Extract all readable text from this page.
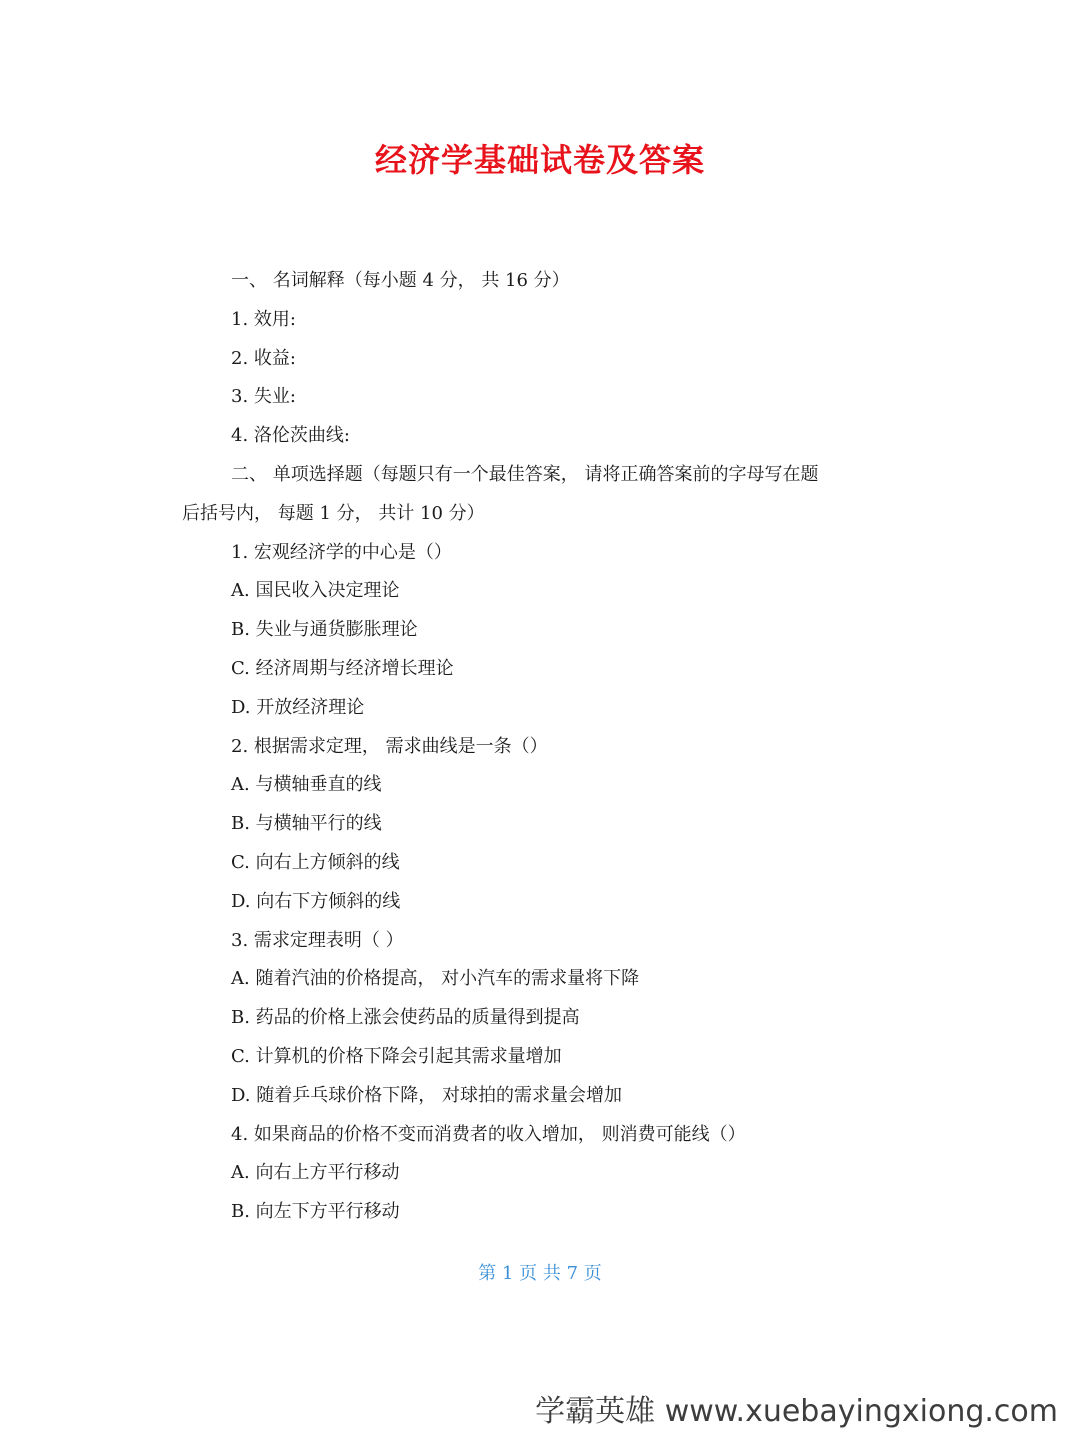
经济学基础试卷及答案
一、 名词解释（每小题 4 分， 共 16 分）
1. 效用:
2. 收益:
3. 失业:
4. 洛伦茨曲线:
二、 单项选择题（每题只有一个最佳答案， 请将正确答案前的字母写在题
后括号内， 每题 1 分， 共计 10 分）
1. 宏观经济学的中心是（）
A. 国民收入决定理论
B. 失业与通货膨胀理论
C. 经济周期与经济增长理论
D. 开放经济理论
2. 根据需求定理， 需求曲线是一条（）
A. 与横轴垂直的线
B. 与横轴平行的线
C. 向右上方倾斜的线
D. 向右下方倾斜的线
3. 需求定理表明（ ）
A. 随着汽油的价格提高， 对小汽车的需求量将下降
B. 药品的价格上涨会使药品的质量得到提高
C. 计算机的价格下降会引起其需求量增加
D. 随着乒乓球价格下降， 对球拍的需求量会增加
4. 如果商品的价格不变而消费者的收入增加， 则消费可能线（）
A. 向右上方平行移动
B. 向左下方平行移动
第 1 页 共 7 页
学霸英雄 www.xuebayingxiong.com
